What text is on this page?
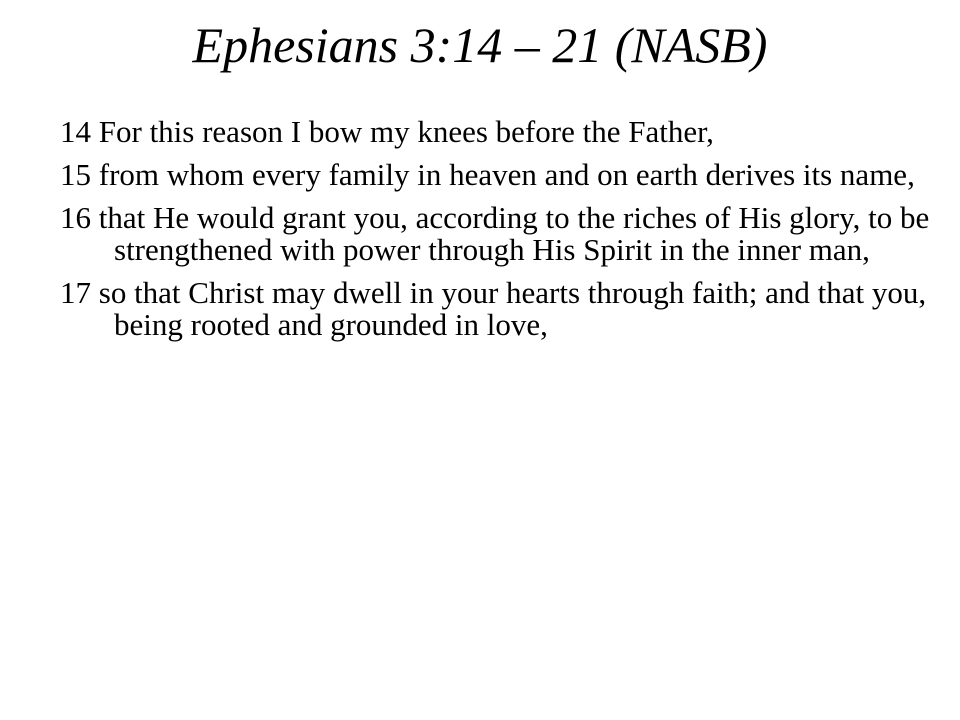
Ephesians 3:14 – 21 (NASB)
14 For this reason I bow my knees before the Father,
15 from whom every family in heaven and on earth derives its name,
16 that He would grant you, according to the riches of His glory, to be strengthened with power through His Spirit in the inner man,
17 so that Christ may dwell in your hearts through faith; and that you, being rooted and grounded in love,
